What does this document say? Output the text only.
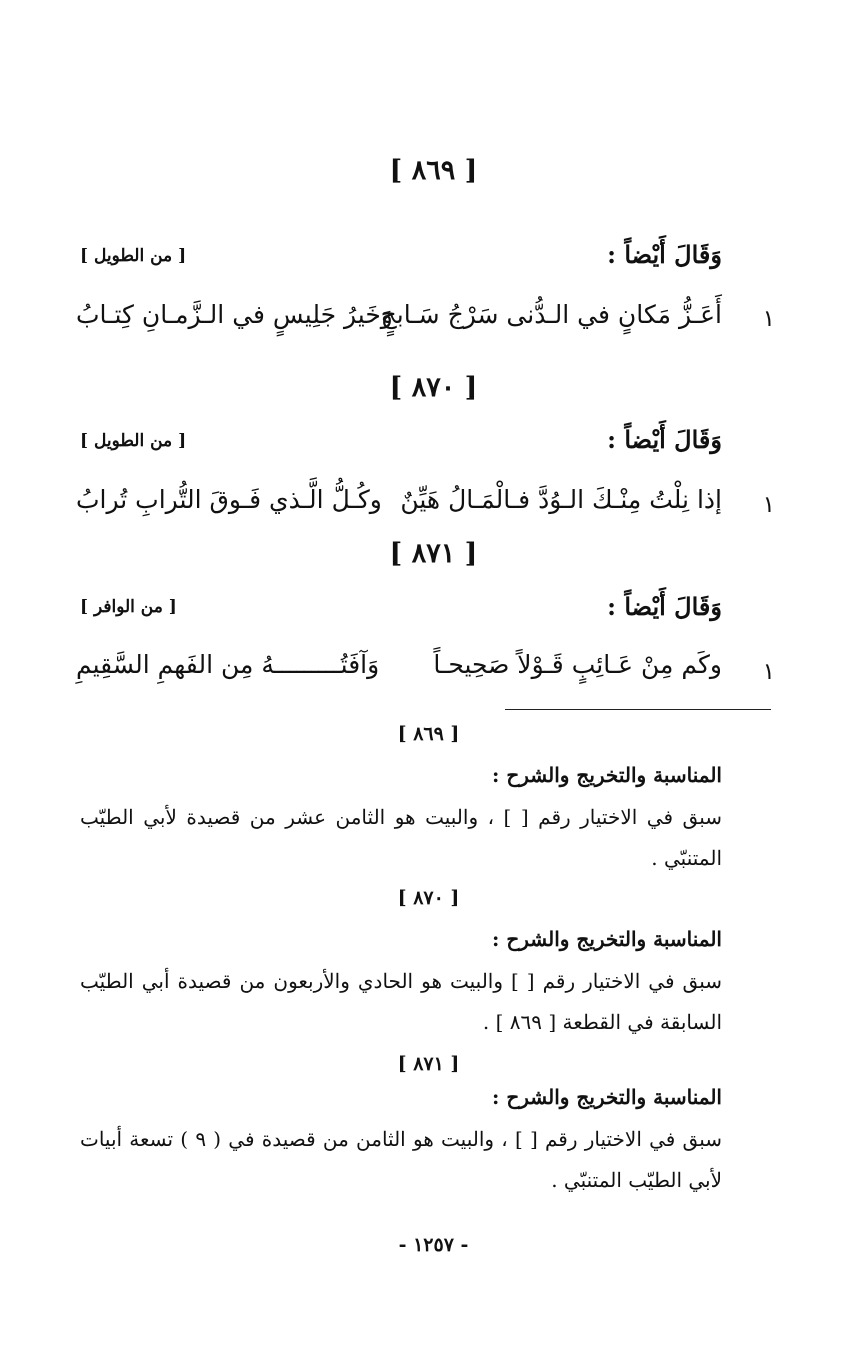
[ ٨٦٩ ]
وَقَالَ أَيْضاً :
[ من الطويل ]
١
أَعَـزُّ مَكانٍ في الـدُّنى سَرْجُ سَـابحٍ
وَخَيرُ جَلِيسٍ في الـزَّمـانِ كِتـابُ
[ ٨٧٠ ]
وَقَالَ أَيْضاً :
[ من الطويل ]
١
إذا نِلْتُ مِنْـكَ الـوُدَّ فـالْمَـالُ هَيِّنٌ
وكُـلُّ الَّـذي فَـوقَ التُّرابِ تُرابُ
[ ٨٧١ ]
وَقَالَ أَيْضاً :
[ من الوافر ]
١
وكَم مِنْ عَـائِبٍ قَـوْلاً صَحِيحـاً
وَآفَتُـــــــــهُ مِن الفَهمِ السَّقِيمِ
[ ٨٦٩ ]
المناسبة والتخريج والشرح :
سبق في الاختيار رقم [ ] ، والبيت هو الثامن عشر من قصيدة لأبي الطيّب المتنبّي .
[ ٨٧٠ ]
المناسبة والتخريج والشرح :
سبق في الاختيار رقم [ ] والبيت هو الحادي والأربعون من قصيدة أبي الطيّب السابقة في القطعة [ ٨٦٩ ] .
[ ٨٧١ ]
المناسبة والتخريج والشرح :
سبق في الاختيار رقم [ ] ، والبيت هو الثامن من قصيدة في ( ٩ ) تسعة أبيات لأبي الطيّب المتنبّي .
- ١٢٥٧ -
